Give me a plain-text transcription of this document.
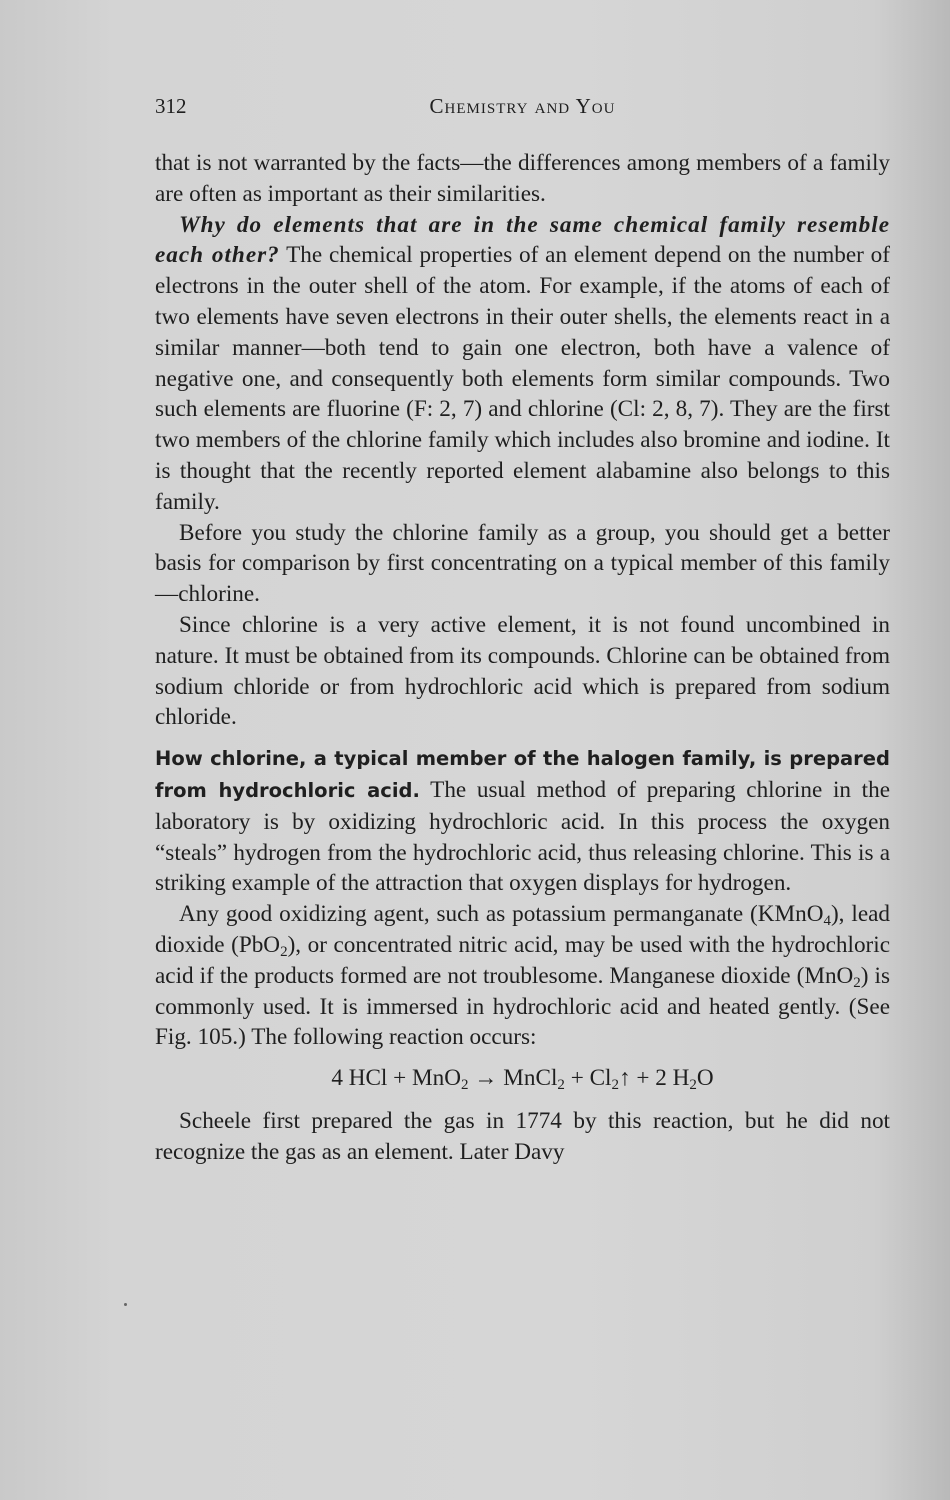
312	Chemistry and You

that is not warranted by the facts—the differences among members of a family are often as important as their similarities.

Why do elements that are in the same chemical family resemble each other? The chemical properties of an element depend on the number of electrons in the outer shell of the atom. For example, if the atoms of each of two elements have seven electrons in their outer shells, the elements react in a similar manner—both tend to gain one electron, both have a valence of negative one, and consequently both elements form similar compounds. Two such elements are fluorine (F: 2, 7) and chlorine (Cl: 2, 8, 7). They are the first two members of the chlorine family which includes also bromine and iodine. It is thought that the recently reported element alabamine also belongs to this family.

Before you study the chlorine family as a group, you should get a better basis for comparison by first concentrating on a typical member of this family—chlorine.

Since chlorine is a very active element, it is not found uncombined in nature. It must be obtained from its compounds. Chlorine can be obtained from sodium chloride or from hydrochloric acid which is prepared from sodium chloride.

How chlorine, a typical member of the halogen family, is prepared from hydrochloric acid. The usual method of preparing chlorine in the laboratory is by oxidizing hydrochloric acid. In this process the oxygen “steals” hydrogen from the hydrochloric acid, thus releasing chlorine. This is a striking example of the attraction that oxygen displays for hydrogen.

Any good oxidizing agent, such as potassium permanganate (KMnO$_4$), lead dioxide (PbO$_2$), or concentrated nitric acid, may be used with the hydrochloric acid if the products formed are not troublesome. Manganese dioxide (MnO$_2$) is commonly used. It is immersed in hydrochloric acid and heated gently. (See Fig. 105.) The following reaction occurs:

4 HCl + MnO$_2$ → MnCl$_2$ + $Cl_2↑ + 2$ $H_2O$

Scheele first prepared the gas in 1774 by this reaction, but he did not recognize the gas as an element. Later Davy
